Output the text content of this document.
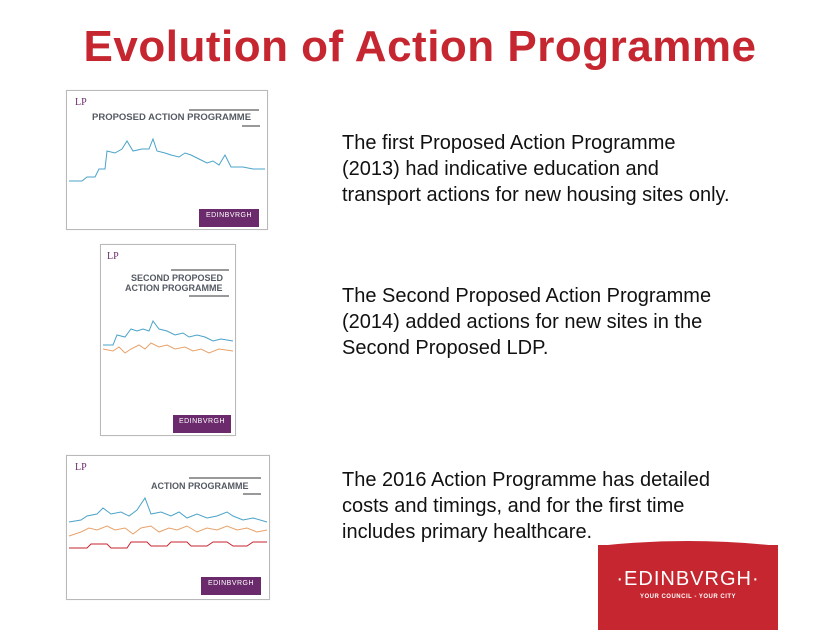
Evolution of Action Programme
LP
PROPOSED ACTION PROGRAMME
EDINBVRGH
LP
SECOND PROPOSED
ACTION PROGRAMME
EDINBVRGH
LP
ACTION PROGRAMME
EDINBVRGH
The first Proposed Action Programme
(2013) had indicative education and
transport actions for new housing sites only.
The Second Proposed Action Programme
(2014) added actions for new sites in the
Second Proposed LDP.
The 2016 Action Programme has detailed
costs and timings, and for the first time
includes primary healthcare.
·EDINBVRGH·
YOUR COUNCIL - YOUR CITY
